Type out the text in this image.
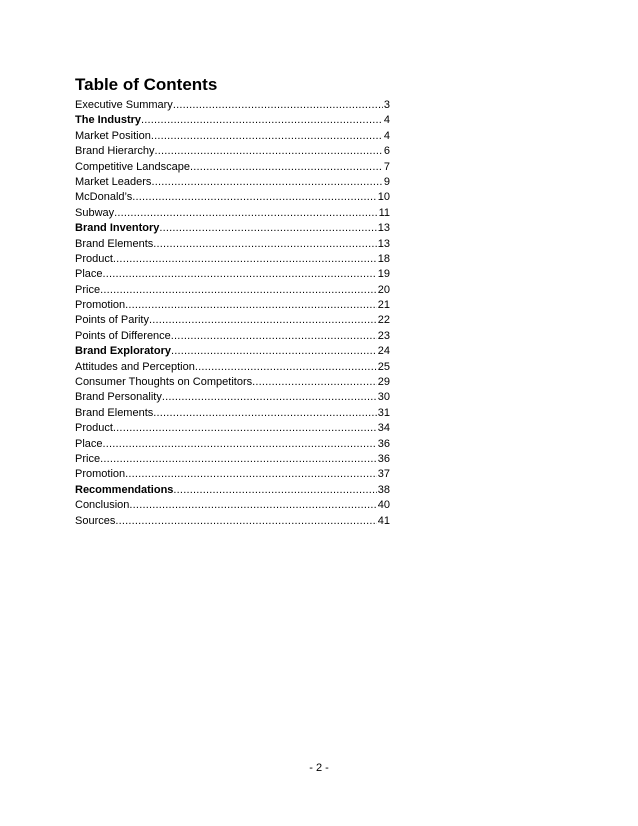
Table of Contents
Executive Summary .....	3
The Industry .....	4
Market Position .....	4
Brand Hierarchy .....	6
Competitive Landscape .....	7
Market Leaders .....	9
McDonald’s .....	10
Subway .....	11
Brand Inventory .....	13
Brand Elements .....	13
Product .....	18
Place .....	19
Price .....	20
Promotion .....	21
Points of Parity .....	22
Points of Difference .....	23
Brand Exploratory .....	24
Attitudes and Perception .....	25
Consumer Thoughts on Competitors .....	29
Brand Personality .....	30
Brand Elements .....	31
Product .....	34
Place .....	36
Price .....	36
Promotion .....	37
Recommendations .....	38
Conclusion .....	40
Sources .....	41
- 2 -
